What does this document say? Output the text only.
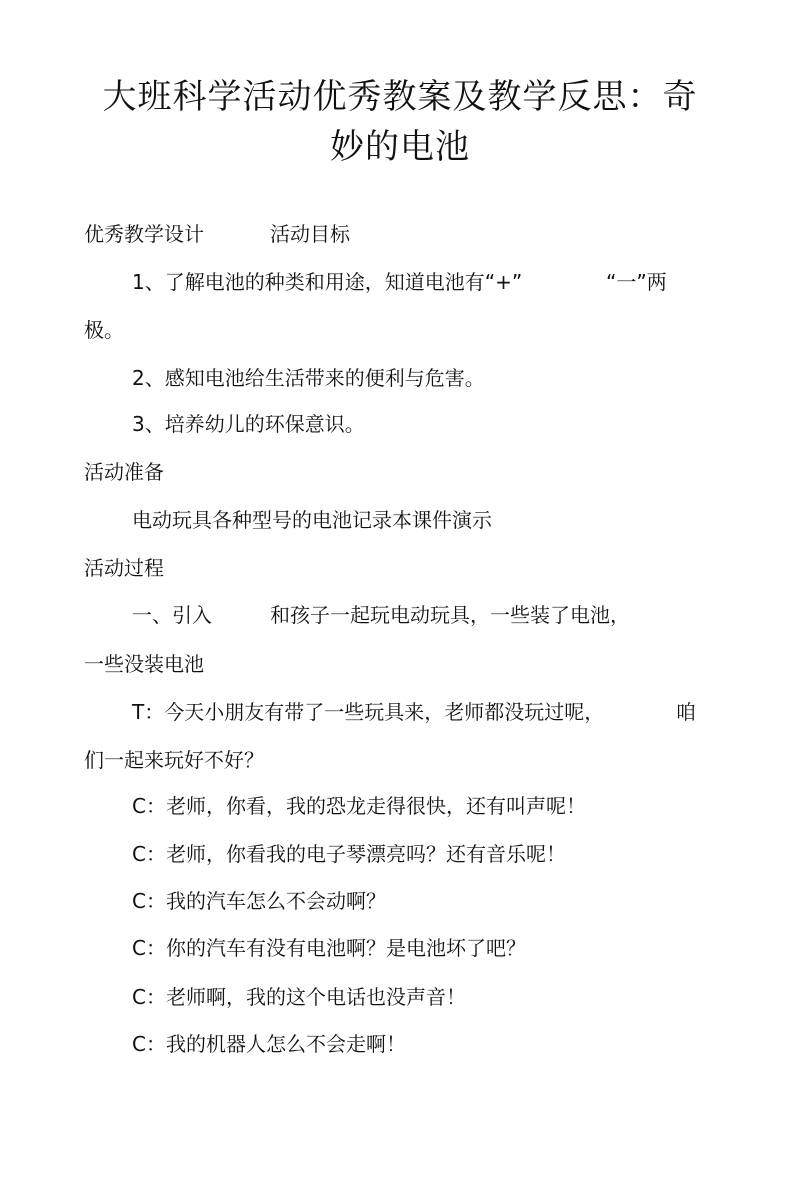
大班科学活动优秀教案及教学反思：奇
妙的电池
优秀教学设计	活动目标
1、了解电池的种类和用途，知道电池有“+”	“一”两
极。
2、感知电池给生活带来的便利与危害。
3、培养幼儿的环保意识。
活动准备
电动玩具各种型号的电池记录本课件演示
活动过程
一、引入	和孩子一起玩电动玩具，一些装了电池，
一些没装电池
T：今天小朋友有带了一些玩具来，老师都没玩过呢，	咱
们一起来玩好不好？
C：老师，你看，我的恐龙走得很快，还有叫声呢！
C：老师，你看我的电子琴漂亮吗？还有音乐呢！
C：我的汽车怎么不会动啊？
C：你的汽车有没有电池啊？是电池坏了吧？
C：老师啊，我的这个电话也没声音！
C：我的机器人怎么不会走啊！
